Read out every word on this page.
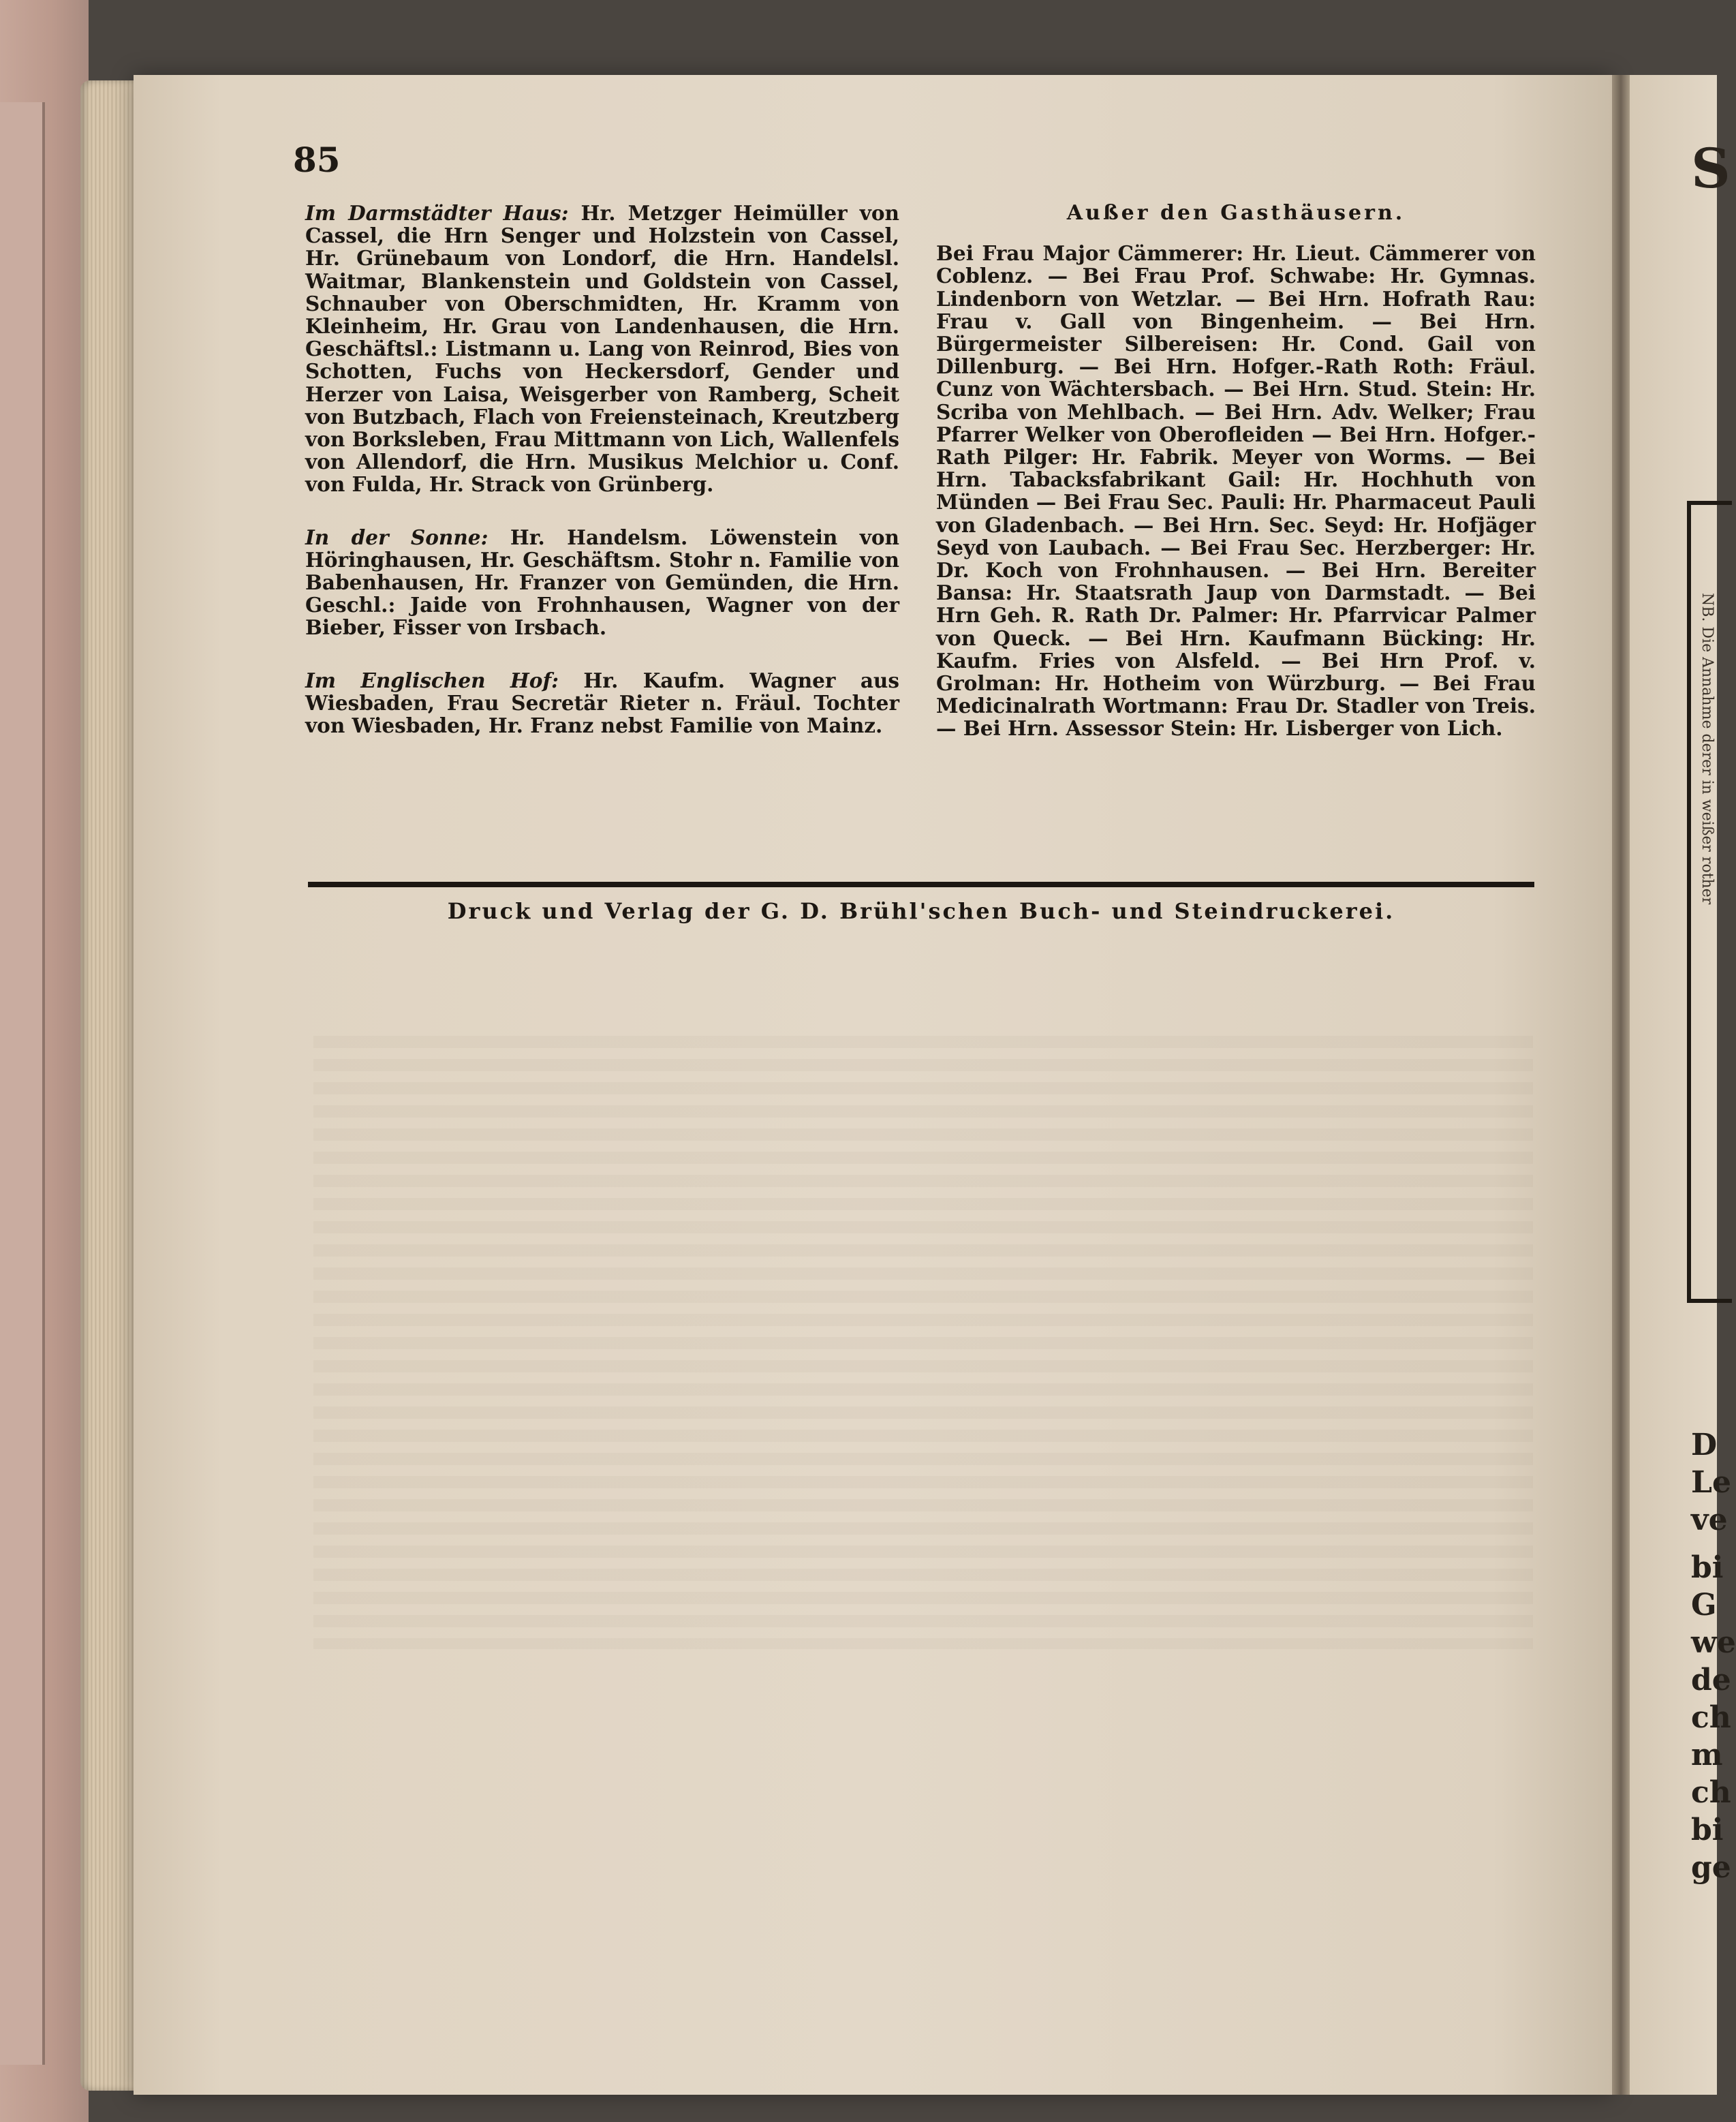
S
NB. Die Annahme derer in weißer rother
D
Le
ve
bi
G
we
de
ch
m
ch
bi
ge
85

Im Darmstädter Haus: Hr. Metzger Heimüller von Cassel, die Hrn Senger und Holzstein von Cassel, Hr. Grünebaum von Londorf, die Hrn. Handelsl. Waitmar, Blankenstein und Goldstein von Cassel, Schnauber von Oberschmidten, Hr. Kramm von Kleinheim, Hr. Grau von Landenhausen, die Hrn. Geschäftsl.: Listmann u. Lang von Reinrod, Bies von Schotten, Fuchs von Heckersdorf, Gender und Herzer von Laisa, Weisgerber von Ramberg, Scheit von Butzbach, Flach von Freiensteinach, Kreutzberg von Borksleben, Frau Mittmann von Lich, Wallenfels von Allendorf, die Hrn. Musikus Melchior u. Conf. von Fulda, Hr. Strack von Grünberg.

In der Sonne: Hr. Handelsm. Löwenstein von Höringhausen, Hr. Geschäftsm. Stohr n. Familie von Babenhausen, Hr. Franzer von Gemünden, die Hrn. Geschl.: Jaide von Frohnhausen, Wagner von der Bieber, Fisser von Irsbach.

Im Englischen Hof: Hr. Kaufm. Wagner aus Wiesbaden, Frau Secretär Rieter n. Fräul. Tochter von Wiesbaden, Hr. Franz nebst Familie von Mainz.

Außer den Gasthäusern.

Bei Frau Major Cämmerer: Hr. Lieut. Cämmerer von Coblenz. — Bei Frau Prof. Schwabe: Hr. Gymnas. Lindenborn von Wetzlar. — Bei Hrn. Hofrath Rau: Frau v. Gall von Bingenheim. — Bei Hrn. Bürgermeister Silbereisen: Hr. Cond. Gail von Dillenburg. — Bei Hrn. Hofger.-Rath Roth: Fräul. Cunz von Wächtersbach. — Bei Hrn. Stud. Stein: Hr. Scriba von Mehlbach. — Bei Hrn. Adv. Welker; Frau Pfarrer Welker von Oberofleiden — Bei Hrn. Hofger.-Rath Pilger: Hr. Fabrik. Meyer von Worms. — Bei Hrn. Tabacksfabrikant Gail: Hr. Hochhuth von Münden — Bei Frau Sec. Pauli: Hr. Pharmaceut Pauli von Gladenbach. — Bei Hrn. Sec. Seyd: Hr. Hofjäger Seyd von Laubach. — Bei Frau Sec. Herzberger: Hr. Dr. Koch von Frohnhausen. — Bei Hrn. Bereiter Bansa: Hr. Staatsrath Jaup von Darmstadt. — Bei Hrn Geh. R. Rath Dr. Palmer: Hr. Pfarrvicar Palmer von Queck. — Bei Hrn. Kaufmann Bücking: Hr. Kaufm. Fries von Alsfeld. — Bei Hrn Prof. v. Grolman: Hr. Hotheim von Würzburg. — Bei Frau Medicinalrath Wortmann: Frau Dr. Stadler von Treis. — Bei Hrn. Assessor Stein: Hr. Lisberger von Lich.

Druck und Verlag der G. D. Brühl'schen Buch- und Steindruckerei.
